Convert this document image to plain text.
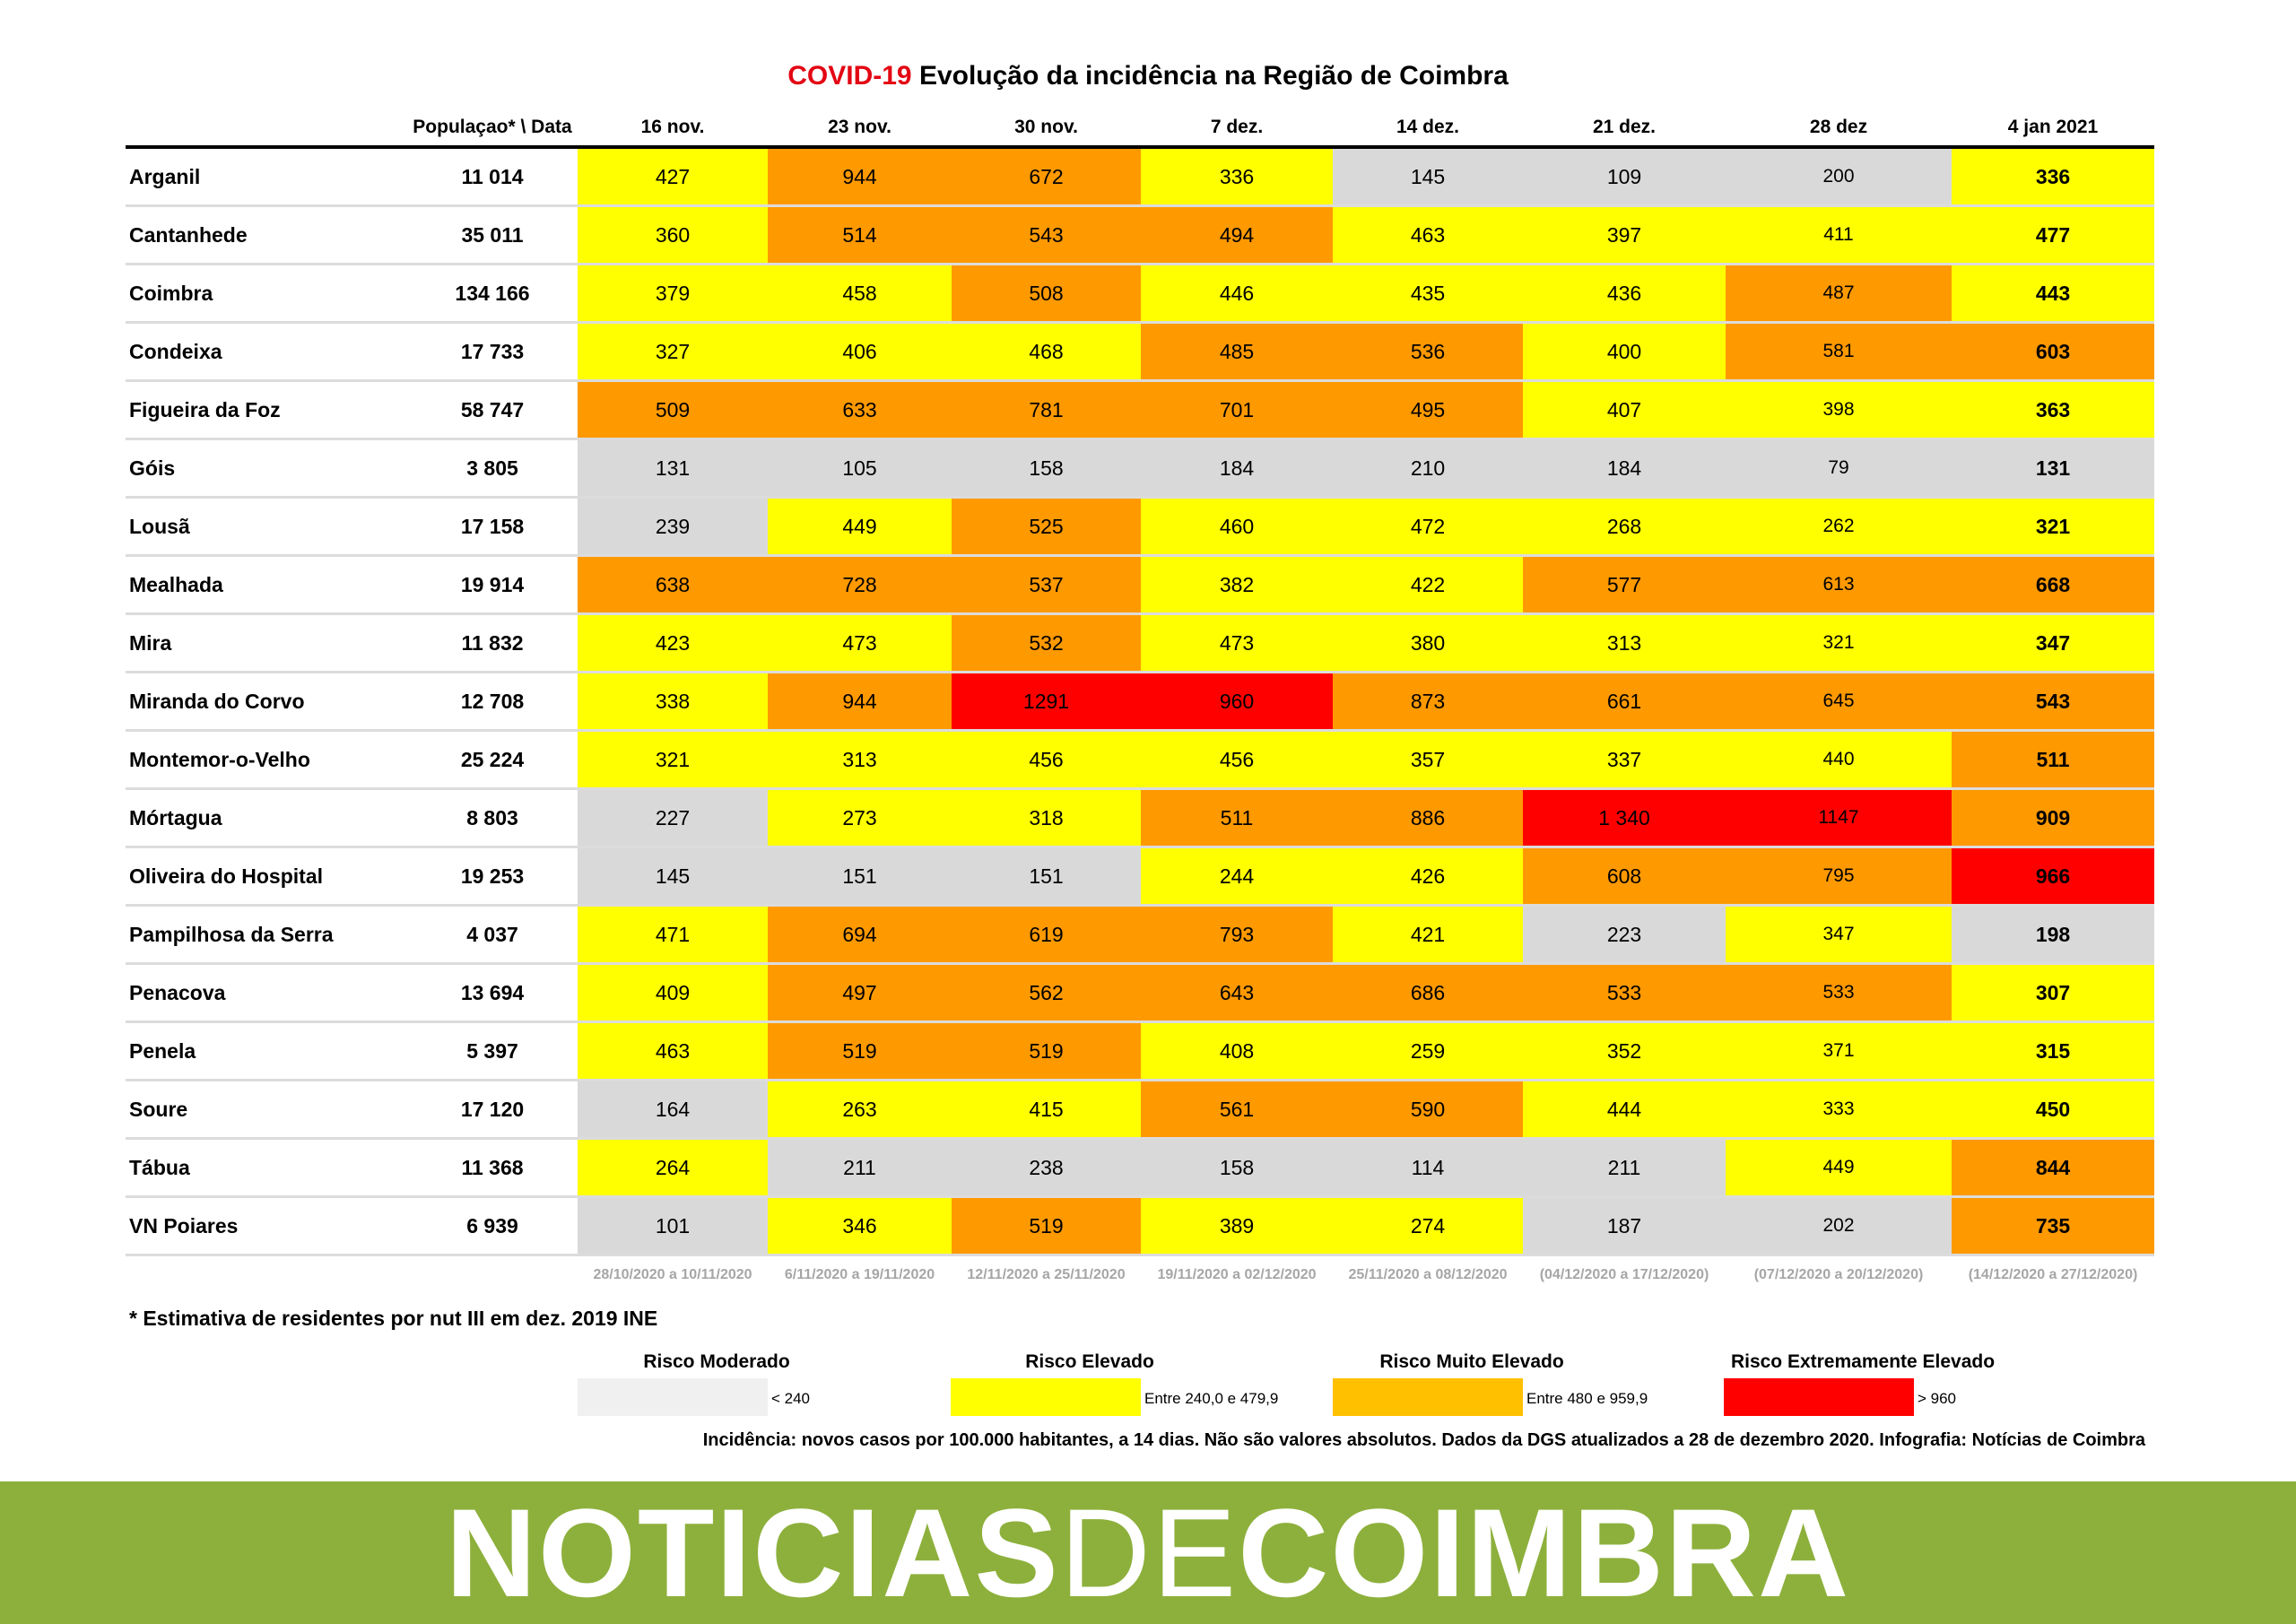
COVID-19 Evolução da incidência na Região de Coimbra
Populaçao* \ Data	16 nov.	23 nov.	30 nov.	7 dez.	14 dez.	21 dez.	28 dez	4 jan 2021
Arganil	11 014	427	944	672	336	145	109	200	336
Cantanhede	35 011	360	514	543	494	463	397	411	477
Coimbra	134 166	379	458	508	446	435	436	487	443
Condeixa	17 733	327	406	468	485	536	400	581	603
Figueira da Foz	58 747	509	633	781	701	495	407	398	363
Góis	3 805	131	105	158	184	210	184	79	131
Lousã	17 158	239	449	525	460	472	268	262	321
Mealhada	19 914	638	728	537	382	422	577	613	668
Mira	11 832	423	473	532	473	380	313	321	347
Miranda do Corvo	12 708	338	944	1291	960	873	661	645	543
Montemor-o-Velho	25 224	321	313	456	456	357	337	440	511
Mórtagua	8 803	227	273	318	511	886	1 340	1147	909
Oliveira do Hospital	19 253	145	151	151	244	426	608	795	966
Pampilhosa da Serra	4 037	471	694	619	793	421	223	347	198
Penacova	13 694	409	497	562	643	686	533	533	307
Penela	5 397	463	519	519	408	259	352	371	315
Soure	17 120	164	263	415	561	590	444	333	450
Tábua	11 368	264	211	238	158	114	211	449	844
VN Poiares	6 939	101	346	519	389	274	187	202	735
28/10/2020 a 10/11/2020	6/11/2020 a 19/11/2020	12/11/2020 a 25/11/2020	19/11/2020 a 02/12/2020	25/11/2020 a 08/12/2020	(04/12/2020 a 17/12/2020)	(07/12/2020 a 20/12/2020)	(14/12/2020 a 27/12/2020)
* Estimativa de residentes por nut III em dez. 2019 INE
Risco Moderado
< 240
Risco Elevado
Entre 240,0 e 479,9
Risco Muito Elevado
Entre 480 e 959,9
Risco Extremamente Elevado
> 960
Incidência: novos casos por 100.000 habitantes, a 14 dias. Não são valores absolutos. Dados da DGS atualizados a 28 de dezembro 2020. Infografia: Notícias de Coimbra
NOTICIAS DE COIMBRA
